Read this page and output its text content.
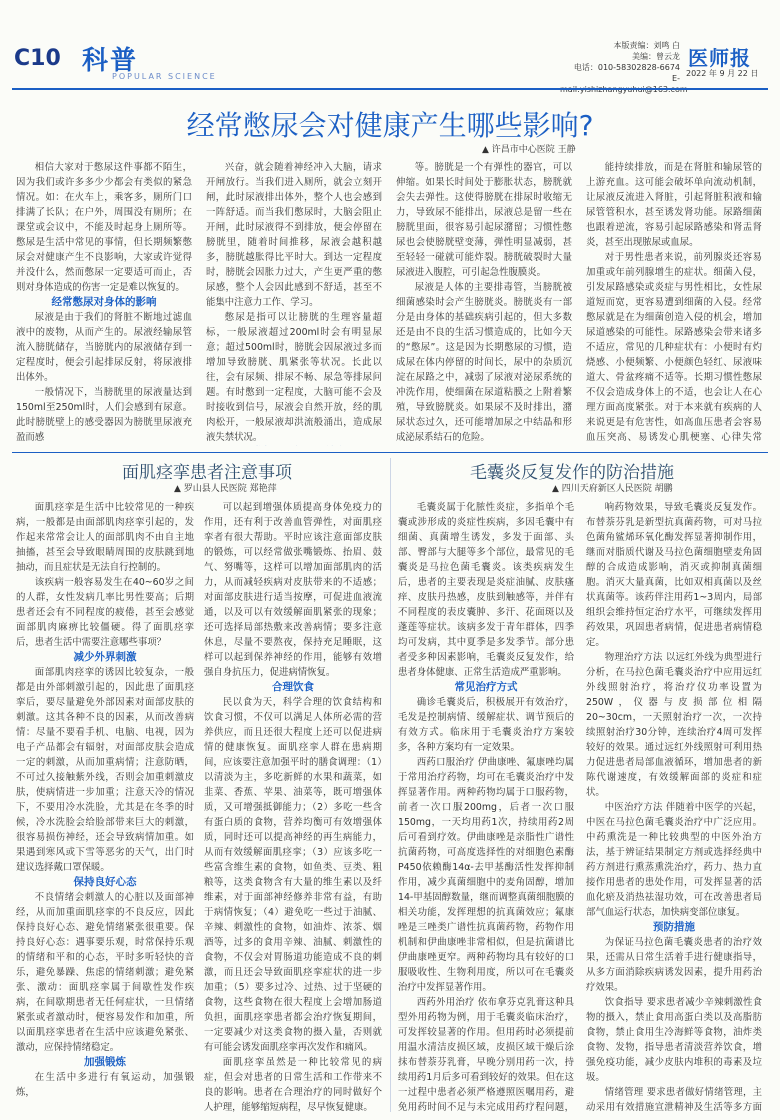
C10 科普
POPULAR SCIENCE
本版责编：刘鸣 白
美编：曾云龙
电话：010-58302828-6674
E-
医师报
2022 年 9 月 22 日
经常憋尿会对健康产生哪些影响?
▲ 许昌市中心医院 王静

相信大家对于憋尿这件事都不陌生，因为我们或许多多少少都会有类似的紧急情况。如：在火车上，乘客多，厕所门口排满了长队；在户外，周围没有厕所；在课堂或会议中，不能及时起身上厕所等。憋尿是生活中常见的事情，但长期频繁憋尿会对健康产生不良影响，大家或许觉得并没什么，然而憋尿一定要适可而止，否则对身体造成的伤害一定是难以恢复的。

经常憋尿对身体的影响

尿液是由于我们的肾脏不断地过滤血液中的废物，从而产生的。尿液经输尿管流入膀胱储存，当膀胱内的尿液储存到一定程度时，便会引起排尿反射，将尿液排出体外。

一般情况下，当膀胱里的尿液量达到150ml至250ml时，人们会感到有尿意。此时膀胱壁上的感受器因为膀胱里尿液充盈而感

兴奋，就会随着神经冲入大脑，请求开闸放行。当我们进入厕所，就会立刻开闸，此时尿液排出体外，整个人也会感到一阵舒适。而当我们憋尿时，大脑会阻止开闸，此时尿液得不到排放，便会停留在膀胱里，随着时间推移，尿液会越积越多，膀胱越胀得比平时大。到达一定程度时，膀胱会因胀力过大，产生更严重的憋尿感，整个人会因此感到不舒适，甚至不能集中注意力工作、学习。

憋尿是指可以让膀胱的生理容量超标，一般尿液超过200ml时会有明显尿意；超过500ml时，膀胱会因尿液过多而增加导致膀胱、肌紧张等状况。长此以往，会有尿频、排尿不畅、尿急等排尿问题。有时憋到一定程度，大脑可能不会及时接收到信号，尿液会自然开放，经的肌肉松开，一般尿液却洪流般涌出，造成尿液失禁状况。

等。膀胱是一个有弹性的器官，可以伸缩。如果长时间处于膨胀状态，膀胱就会失去弹性。这使得膀胱在排尿时收缩无力，导致尿不能排出，尿液总是留一些在膀胱里面，很容易引起尿潴留；习惯性憋尿也会使膀胱壁变薄，弹性明显减弱，甚至轻轻一碰就可能炸裂。膀胱破裂时大量尿液进入腹腔，可引起急性腹膜炎。

尿液是人体的主要排毒管，当膀胱被细菌感染时会产生膀胱炎。膀胱炎有一部分是由身体的基础疾病引起的，但大多数还是由不良的生活习惯造成的，比如今天的“憋尿”。这是因为长期憋尿的习惯，造成尿在体内停留的时间长，尿中的杂质沉淀在尿路之中，减弱了尿液对泌尿系统的冲洗作用，使细菌在尿道粘膜之上附着繁殖，导致膀胱炎。如果尿不及时排出，潴尿状态过久，还可能增加尿之中结晶和形成泌尿系结石的危险。

能持续排放，而是在肾脏和输尿管的上游充血。这可能会破坏单向流动机制，让尿液反流进入肾脏，引起肾脏积液和输尿管管积水，甚至诱发肾功能。尿路细菌也跟着逆流，容易引起尿路感染和肾盂肾炎，甚至出现脓尿或血尿。

对于男性患者来说，前列腺炎还容易加重或年前列腺增生的症状。细菌入侵，引发尿路感染或炎症与男性相比，女性尿道短而宽，更容易遭到细菌的入侵。经常憋尿就是在为细菌创造入侵的机会，增加尿道感染的可能性。尿路感染会带来诸多不适应，常见的几种症状有：小便时有灼烧感、小便频繁、小便颜色轻红、尿液味道大、骨盆疼痛不适等。长期习惯性憋尿不仅会造成身体上的不适，也会让人在心理方面高度紧张。对于本来就有疾病的人来说更是有危害性，如高血压患者会容易血压突高、易诱发心肌梗塞、心律失常

面肌痉挛患者注意事项
▲ 罗山县人民医院 郑艳萍

面肌痉挛是生活中比较常见的一种疾病，一般都是由面部肌肉痉挛引起的，发作起来常常会让人的面部肌肉不由自主地抽搐，甚至会导致眼睛周围的皮肤跳到地抽动，而且症状是无法自行控制的。

该疾病一般容易发生在40~60岁之间的人群，女性发病几率比男性要高；后期患者还会有不同程度的疲倦，甚至会感觉面部肌肉麻痹比较僵硬。得了面肌痉挛后，患者生活中需要注意哪些事项？

减少外界刺激

面部肌肉痉挛的诱因比较复杂，一般都是由外部刺激引起的，因此患了面肌痉挛后，要尽量避免外部因素对面部皮肤的刺激。这其各种不良的因素，从而改善病情：尽量不要看手机、电脑、电视，因为电子产品都会有辐射，对面部皮肤会造成一定的刺激，从而加重病情；注意防晒，不可过久接触紫外线，否则会加重刺激皮肤，使病情进一步加重；注意天冷的情况下，不要用冷水洗脸，尤其是在冬季的时候，冷水洗脸会给脸部带来巨大的刺激，很容易损伤神经，还会导致病情加重。如果遇到寒风或下雪等恶劣的天气，出门时建议选择戴口罩保暖。

保持良好心态

不良情绪会刺激人的心脏以及面部神经，从而加重面肌痉挛的不良反应，因此保持良好心态、避免情绪紧张很重要。保持良好心态：遇事要乐观，时常保持乐观的情绪和平和的心态，平时多听轻快的音乐，避免暴躁、焦虑的情绪刺激；避免紧张、激动：面肌痉挛属于间歇性发作疾病，在间歇期患者无任何症状，一旦情绪紧张或者激动时，便容易发作和加重，所以面肌痉挛患者在生活中应该避免紧张、激动，应保持情绪稳定。

加强锻炼

在生活中多进行有氧运动，加强锻炼，

可以起到增强体质提高身体免疫力的作用，还有利于改善血管弹性，对面肌痉挛者有很大帮助。平时应该注意面部皮肤的锻炼，可以经常做张嘴锻炼、抬眉、鼓气、努嘴等，这样可以增加面部肌肉的活力，从而减轻疾病对皮肤带来的不适感；对面部皮肤进行适当按摩，可促进血液流通，以及可以有效缓解面肌紧张的现象；还可选择局部热敷来改善病情；要多注意休息，尽量不要熬夜，保持充足睡眠，这样可以起到保养神经的作用，能够有效增强自身抗压力，促进病情恢复。

合理饮食

民以食为天，科学合理的饮食结构和饮食习惯，不仅可以满足人体所必需的营养供应，而且还很大程度上还可以促进病情的健康恢复。面肌痉挛人群在患病期间，应该要注意加强平时的膳食调理：（1）以清淡为主，多吃新鲜的水果和蔬菜，如韭菜、香蕉、苹果、油菜等，既可增强体质，又可增强抵御能力；（2）多吃一些含有蛋白质的食物，营养均衡可有效增强体质，同时还可以提高神经的再生病能力，从而有效缓解面肌痉挛；（3）应该多吃一些富含维生素的食物，如鱼类、豆类、粗粮等，这类食物含有大量的维生素以及纤维素，对于面部神经修养非常有益，有助于病情恢复；（4）避免吃一些过于油腻、辛辣、刺激性的食物，如油炸、浓茶、烟酒等，过多的食用辛辣、油腻、刺激性的食物，不仅会对胃肠道功能造成不良的刺激，而且还会导致面肌痉挛症状的进一步加重；（5）要多过冷、过热、过于坚硬的食物，这些食物在很大程度上会增加肠道负担，面肌痉挛患者都会治疗恢复期间，一定要减少对这类食物的摄入量，否则就有可能会诱发面肌痉挛再次发作和痛风。

面肌痉挛虽然是一种比较常见的病症，但会对患者的日常生活和工作带来不良的影响。患者在合理治疗的同时做好个人护理，能够缩短病程，尽早恢复健康。

毛囊炎反复发作的防治措施
▲ 四川天府新区人民医院 胡鹏

毛囊炎属于化脓性炎症，多指单个毛囊或涉形成的炎症性疾病，多因毛囊中有细菌、真菌增生诱发，多发于面部、头部、臀部与大腿等多个部位，最常见的毛囊炎是马拉色菌毛囊炎。该类疾病发生后，患者的主要表现是炎症油腻、皮肤瘙痒、皮肤丹热感，皮肤到触感等，并伴有不同程度的表皮囊肿、多汗、花面斑以及蓬莲等症状。该病多发于青年群体，四季均可发病，其中夏季是多发季节。部分患者受多种因素影响，毛囊炎反复发作，给患者身体健康、正常生活造成严重影响。

常见治疗方式

确诊毛囊炎后，积极展开有效治疗，毛发是控制病情、缓解症状、调节预后的有效方式。临床用于毛囊炎治疗方案较多，各种方案均有一定效果。

西药口服治疗 伊曲康唑、氟康唑均属于常用治疗药物，均可在毛囊炎治疗中发挥显著作用。两种药物均属于口服药物，前者一次口服200mg，后者一次口服150mg，一天均用药1次，持续用药2周后可看到疗效。伊曲康唑是亲脂性广谱性抗菌药物，可高度选择性的对细胞色素酶P450依赖酶14α-去甲基酶活性发挥抑制作用，减少真菌细胞中的麦角固醇，增加14-甲基固醇数量，继而调整真菌细胞膜的相关功能，发挥理想的抗真菌效应；氟康唑是三唑类广谱性抗真菌药物，药物作用机制和伊曲康唑非常相似，但是抗菌谱比伊曲康唑更窄。两种药物均具有较好的口服吸收性、生物利用度，所以可在毛囊炎治疗中发挥显著作用。

西药外用治疗 依布拿芬克乳膏这种具型外用药物为例，用于毛囊炎临床治疗，可发挥较显著的作用。但用药时必须提前用温水清洁皮损区域，皮损区域干燥后涂抹布替萘芬乳膏，早晚分别用药一次，持续用药1月后多可看到较好的效果。但在这一过程中患者必须严格遵照医嘱用药，避免用药时间不足与未完成用药疗程问题，

响药物效果，导致毛囊炎反复发作。布替萘芬乳是新型抗真菌药物，可对马拉色菌角鲨烯环氧化酶发挥显著抑制作用，继而对脂质代谢及马拉色菌细胞壁麦角固醇的合成造成影响，消灭或抑制真菌细胞。消灭大量真菌，比如双相真菌以及丝状真菌等。该药伴注用药1~3周内，局部组织会维持恒定治疗水平，可继续发挥用药效果，巩固患者病情，促进患者病情稳定。

物理治疗方法 以远红外线为典型进行分析，在马拉色菌毛囊炎治疗中应用远红外线照射治疗，将治疗仪功率设置为250W，仪器与皮损部位相隔20~30cm，一天照射治疗一次，一次持续照射治疗30分钟，连续治疗4周可发挥较好的效果。通过远红外线照射可利用热力促进患者局部血液循环，增加患者的新陈代谢速度，有效缓解面部的炎症和症状。

中医治疗方法 伴随着中医学的兴起，中医在马拉色菌毛囊炎治疗中广泛应用。中药熏洗是一种比较典型的中医外治方法，基于辨证结果制定方剂或选择经典中药方剂进行熏蒸熏洗治疗，药力、热力直接作用患者的患处作用，可发挥显著的活血化瘀及消热祛湿功效，可在改善患者局部气血运行状态，加快病变部位康复。

预防措施

为保证马拉色菌毛囊炎患者的治疗效果，还需从日常生活着手进行健康指导，从多方面消除疾病诱发因素，提升用药治疗效果。

饮食指导 要求患者减少辛辣刺激性食物的摄入，禁止食用高蛋白类以及高脂肪食物，禁止食用生冷海鲜等食物，油炸类食物、发物，指导患者清淡营养饮食，增强免疫功能，减少皮肤内堆积的毒素及垃圾。

情绪管理 要求患者做好情绪管理，主动采用有效措施宣泄精神及生活等多方面
